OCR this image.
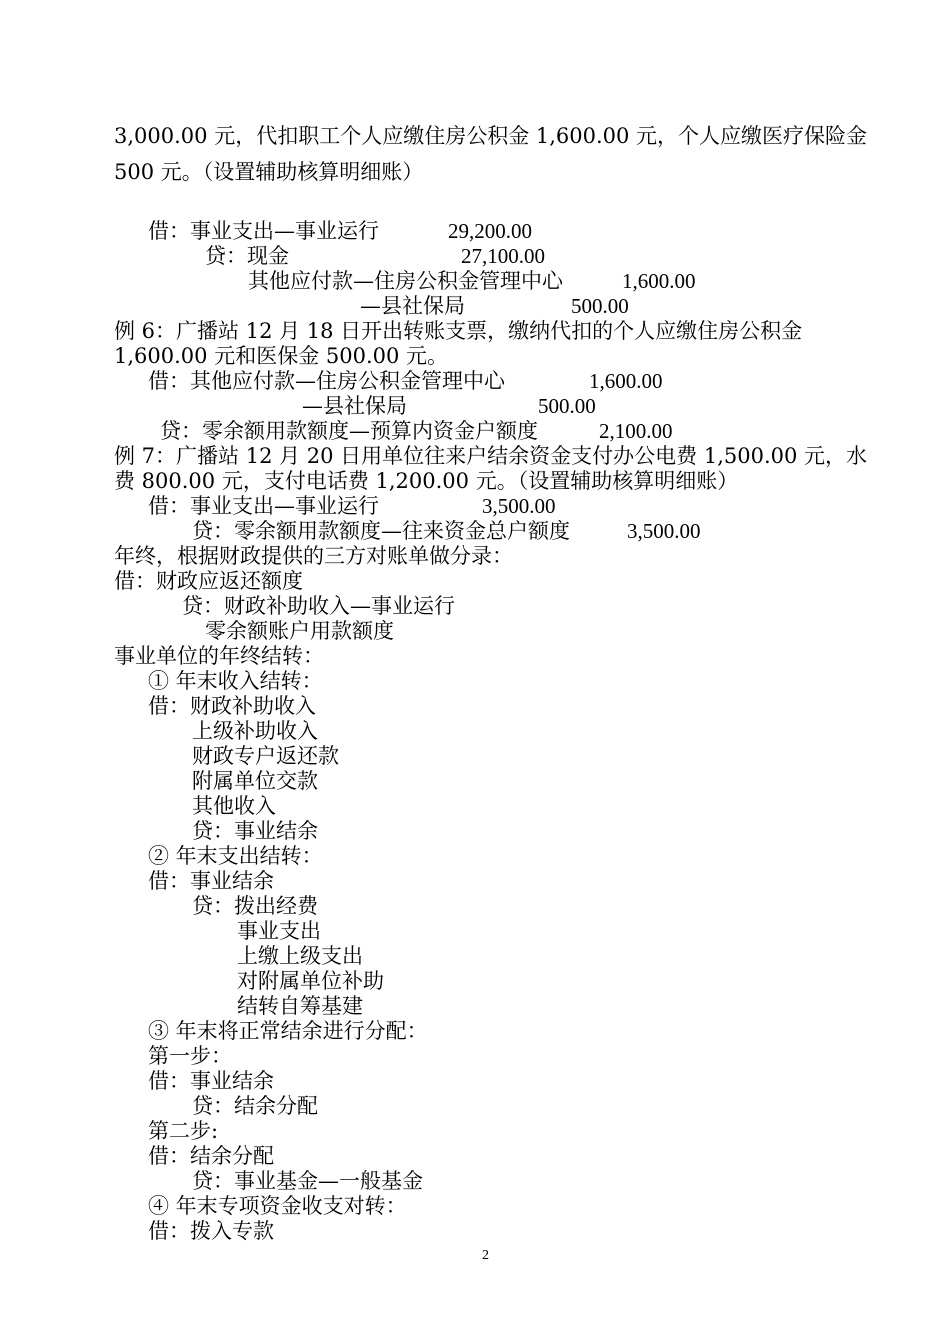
3,000.00 元，代扣职工个人应缴住房公积金 1,600.00 元，个人应缴医疗保险金
500 元。（设置辅助核算明细账）
借：事业支出—事业运行	29,200.00
贷：现金	27,100.00
其他应付款—住房公积金管理中心	1,600.00
—县社保局	500.00
例 6：广播站 12 月 18 日开出转账支票，缴纳代扣的个人应缴住房公积金
1,600.00 元和医保金 500.00 元。
借：其他应付款—住房公积金管理中心	1,600.00
—县社保局	500.00
贷：零余额用款额度—预算内资金户额度	2,100.00
例 7：广播站 12 月 20 日用单位往来户结余资金支付办公电费 1,500.00 元，水
费 800.00 元，支付电话费 1,200.00 元。（设置辅助核算明细账）
借：事业支出—事业运行	3,500.00
贷：零余额用款额度—往来资金总户额度	3,500.00
年终，根据财政提供的三方对账单做分录：
借：财政应返还额度
贷：财政补助收入—事业运行
零余额账户用款额度
事业单位的年终结转：
① 年末收入结转：
借：财政补助收入
上级补助收入
财政专户返还款
附属单位交款
其他收入
贷：事业结余
② 年末支出结转：
借：事业结余
贷：拨出经费
事业支出
上缴上级支出
对附属单位补助
结转自筹基建
③ 年末将正常结余进行分配：
第一步：
借：事业结余
贷：结余分配
第二步:
借：结余分配
贷：事业基金—一般基金
④ 年末专项资金收支对转：
借：拨入专款
2
